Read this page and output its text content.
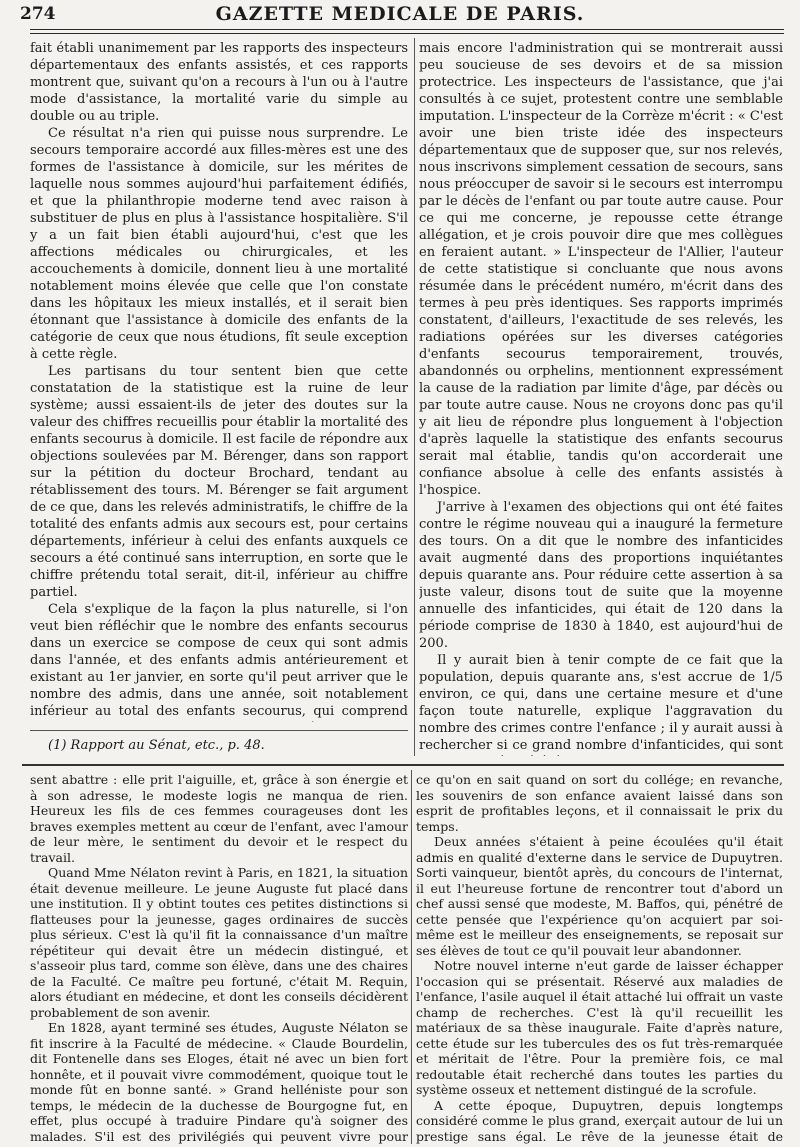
274	GAZETTE MEDICALE DE PARIS.

fait établi unanimement par les rapports des inspecteurs départementaux des enfants assistés, et ces rapports montrent que, suivant qu'on a recours à l'un ou à l'autre mode d'assistance, la mortalité varie du simple au double ou au triple.

Ce résultat n'a rien qui puisse nous surprendre. Le secours temporaire accordé aux filles-mères est une des formes de l'assistance à domicile, sur les mérites de laquelle nous sommes aujourd'hui parfaitement édifiés, et que la philanthropie moderne tend avec raison à substituer de plus en plus à l'assistance hospitalière. S'il y a un fait bien établi aujourd'hui, c'est que les affections médicales ou chirurgicales, et les accouchements à domicile, donnent lieu à une mortalité notablement moins élevée que celle que l'on constate dans les hôpitaux les mieux installés, et il serait bien étonnant que l'assistance à domicile des enfants de la catégorie de ceux que nous étudions, fît seule exception à cette règle.

Les partisans du tour sentent bien que cette constatation de la statistique est la ruine de leur système; aussi essaient-ils de jeter des doutes sur la valeur des chiffres recueillis pour établir la mortalité des enfants secourus à domicile. Il est facile de répondre aux objections soulevées par M. Bérenger, dans son rapport sur la pétition du docteur Brochard, tendant au rétablissement des tours. M. Bérenger se fait argument de ce que, dans les relevés administratifs, le chiffre de la totalité des enfants admis aux secours est, pour certains départements, inférieur à celui des enfants auxquels ce secours a été continué sans interruption, en sorte que le chiffre prétendu total serait, dit-il, inférieur au chiffre partiel.

Cela s'explique de la façon la plus naturelle, si l'on veut bien réfléchir que le nombre des enfants secourus dans un exercice se compose de ceux qui sont admis dans l'année, et des enfants admis antérieurement et existant au 1er janvier, en sorte qu'il peut arriver que le nombre des admis, dans une année, soit notablement inférieur au total des enfants secourus, qui comprend

(1) Rapport au Sénat, etc., p. 48.

mais encore l'administration qui se montrerait aussi peu soucieuse de ses devoirs et de sa mission protectrice. Les inspecteurs de l'assistance, que j'ai consultés à ce sujet, protestent contre une semblable imputation. L'inspecteur de la Corrèze m'écrit : « C'est avoir une bien triste idée des inspecteurs départementaux que de supposer que, sur nos relevés, nous inscrivons simplement cessation de secours, sans nous préoccuper de savoir si le secours est interrompu par le décès de l'enfant ou par toute autre cause. Pour ce qui me concerne, je repousse cette étrange allégation, et je crois pouvoir dire que mes collègues en feraient autant. » L'inspecteur de l'Allier, l'auteur de cette statistique si concluante que nous avons résumée dans le précédent numéro, m'écrit dans des termes à peu près identiques. Ses rapports imprimés constatent, d'ailleurs, l'exactitude de ses relevés, les radiations opérées sur les diverses catégories d'enfants secourus temporairement, trouvés, abandonnés ou orphelins, mentionnent expressément la cause de la radiation par limite d'âge, par décès ou par toute autre cause. Nous ne croyons donc pas qu'il y ait lieu de répondre plus longuement à l'objection d'après laquelle la statistique des enfants secourus serait mal établie, tandis qu'on accorderait une confiance absolue à celle des enfants assistés à l'hospice.

J'arrive à l'examen des objections qui ont été faites contre le régime nouveau qui a inauguré la fermeture des tours. On a dit que le nombre des infanticides avait augmenté dans des proportions inquiétantes depuis quarante ans. Pour réduire cette assertion à sa juste valeur, disons tout de suite que la moyenne annuelle des infanticides, qui était de 120 dans la période comprise de 1830 à 1840, est aujourd'hui de 200.

Il y aurait bien à tenir compte de ce fait que la population, depuis quarante ans, s'est accrue de 1/5 environ, ce qui, dans une certaine mesure et d'une façon toute naturelle, explique l'aggravation du nombre des crimes contre l'enfance ; il y aurait aussi à rechercher si ce grand nombre d'infanticides, qui sont

sent abattre : elle prit l'aiguille, et, grâce à son énergie et à son adresse, le modeste logis ne manqua de rien. Heureux les fils de ces femmes courageuses dont les braves exemples mettent au cœur de l'enfant, avec l'amour de leur mère, le sentiment du devoir et le respect du travail.

Quand Mme Nélaton revint à Paris, en 1821, la situation était devenue meilleure. Le jeune Auguste fut placé dans une institution. Il y obtint toutes ces petites distinctions si flatteuses pour la jeunesse, gages ordinaires de succès plus sérieux. C'est là qu'il fit la connaissance d'un maître répétiteur qui devait être un médecin distingué, et s'asseoir plus tard, comme son élève, dans une des chaires de la Faculté. Ce maître peu fortuné, c'était M. Requin, alors étudiant en médecine, et dont les conseils décidèrent probablement de son avenir.

En 1828, ayant terminé ses études, Auguste Nélaton se fit inscrire à la Faculté de médecine. « Claude Bourdelin, dit Fontenelle dans ses Eloges, était né avec un bien fort honnête, et il pouvait vivre commodément, quoique tout le monde fût en bonne santé. » Grand helléniste pour son temps, le médecin de la duchesse de Bourgogne fut, en effet, plus occupé à traduire Pindare qu'à soigner des malades. S'il est des privilégiés qui peuvent vivre pour

ce qu'on en sait quand on sort du collége; en revanche, les souvenirs de son enfance avaient laissé dans son esprit de profitables leçons, et il connaissait le prix du temps.

Deux années s'étaient à peine écoulées qu'il était admis en qualité d'externe dans le service de Dupuytren. Sorti vainqueur, bientôt après, du concours de l'internat, il eut l'heureuse fortune de rencontrer tout d'abord un chef aussi sensé que modeste, M. Baffos, qui, pénétré de cette pensée que l'expérience qu'on acquiert par soi-même est le meilleur des enseignements, se reposait sur ses élèves de tout ce qu'il pouvait leur abandonner.

Notre nouvel interne n'eut garde de laisser échapper l'occasion qui se présentait. Réservé aux maladies de l'enfance, l'asile auquel il était attaché lui offrait un vaste champ de recherches. C'est là qu'il recueillit les matériaux de sa thèse inaugurale. Faite d'après nature, cette étude sur les tubercules des os fut très-remarquée et méritait de l'être. Pour la première fois, ce mal redoutable était recherché dans toutes les parties du système osseux et nettement distingué de la scrofule.

A cette époque, Dupuytren, depuis longtemps considéré comme le plus grand, exerçait autour de lui un prestige sans égal. Le rêve de la jeunesse était de
